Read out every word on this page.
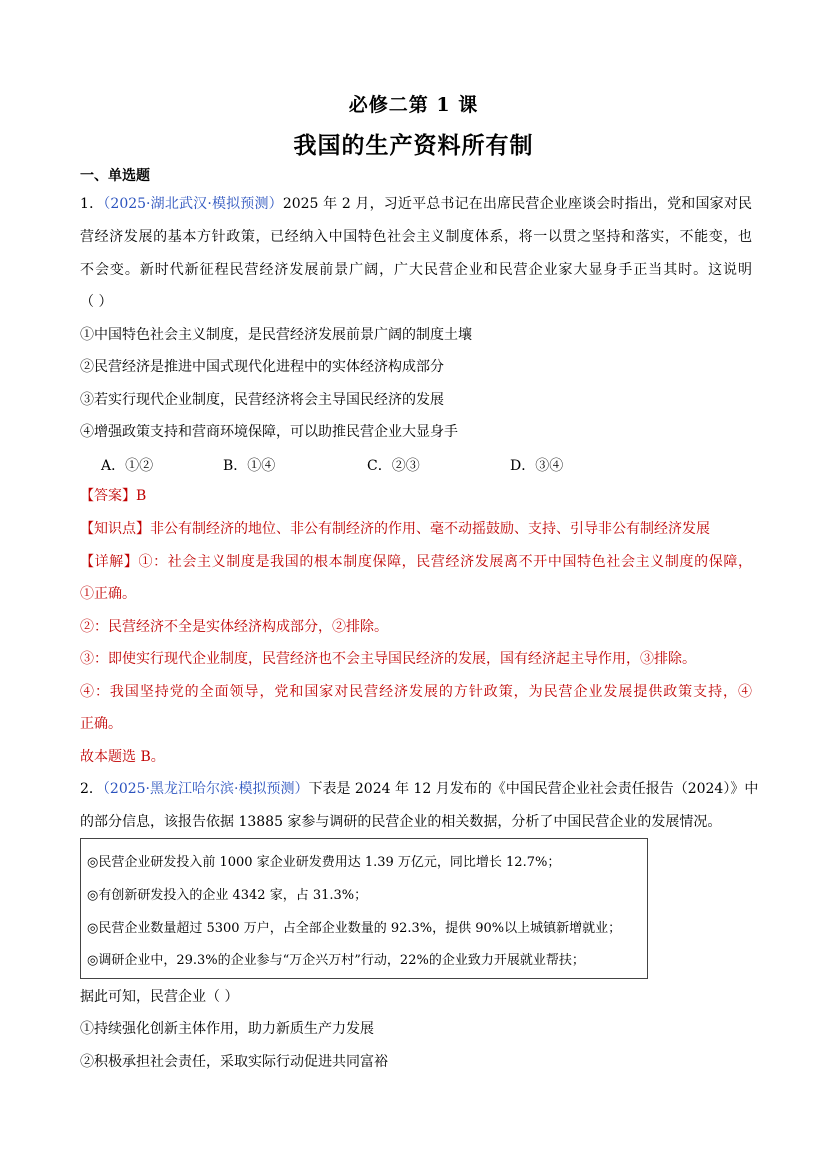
必修二第 1 课
我国的生产资料所有制
一、单选题
1．（2025·湖北武汉·模拟预测）2025 年 2 月，习近平总书记在出席民营企业座谈会时指出，党和国家对民
营经济发展的基本方针政策，已经纳入中国特色社会主义制度体系，将一以贯之坚持和落实，不能变，也
不会变。新时代新征程民营经济发展前景广阔，广大民营企业和民营企业家大显身手正当其时。这说明
（ ）
①中国特色社会主义制度，是民营经济发展前景广阔的制度土壤
②民营经济是推进中国式现代化进程中的实体经济构成部分
③若实行现代企业制度，民营经济将会主导国民经济的发展
④增强政策支持和营商环境保障，可以助推民营企业大显身手
A．①②	B．①④	C．②③	D．③④
【答案】B
【知识点】非公有制经济的地位、非公有制经济的作用、毫不动摇鼓励、支持、引导非公有制经济发展
【详解】①：社会主义制度是我国的根本制度保障，民营经济发展离不开中国特色社会主义制度的保障，
①正确。
②：民营经济不全是实体经济构成部分，②排除。
③：即使实行现代企业制度，民营经济也不会主导国民经济的发展，国有经济起主导作用，③排除。
④：我国坚持党的全面领导，党和国家对民营经济发展的方针政策，为民营企业发展提供政策支持，④
正确。
故本题选 B。
2．（2025·黑龙江哈尔滨·模拟预测）下表是 2024 年 12 月发布的《中国民营企业社会责任报告（2024）》中
的部分信息，该报告依据 13885 家参与调研的民营企业的相关数据，分析了中国民营企业的发展情况。
◎民营企业研发投入前 1000 家企业研发费用达 1.39 万亿元，同比增长 12.7%；
◎有创新研发投入的企业 4342 家，占 31.3%；
◎民营企业数量超过 5300 万户，占全部企业数量的 92.3%，提供 90%以上城镇新增就业；
◎调研企业中，29.3%的企业参与“万企兴万村”行动，22%的企业致力开展就业帮扶；
据此可知，民营企业（ ）
①持续强化创新主体作用，助力新质生产力发展
②积极承担社会责任，采取实际行动促进共同富裕
